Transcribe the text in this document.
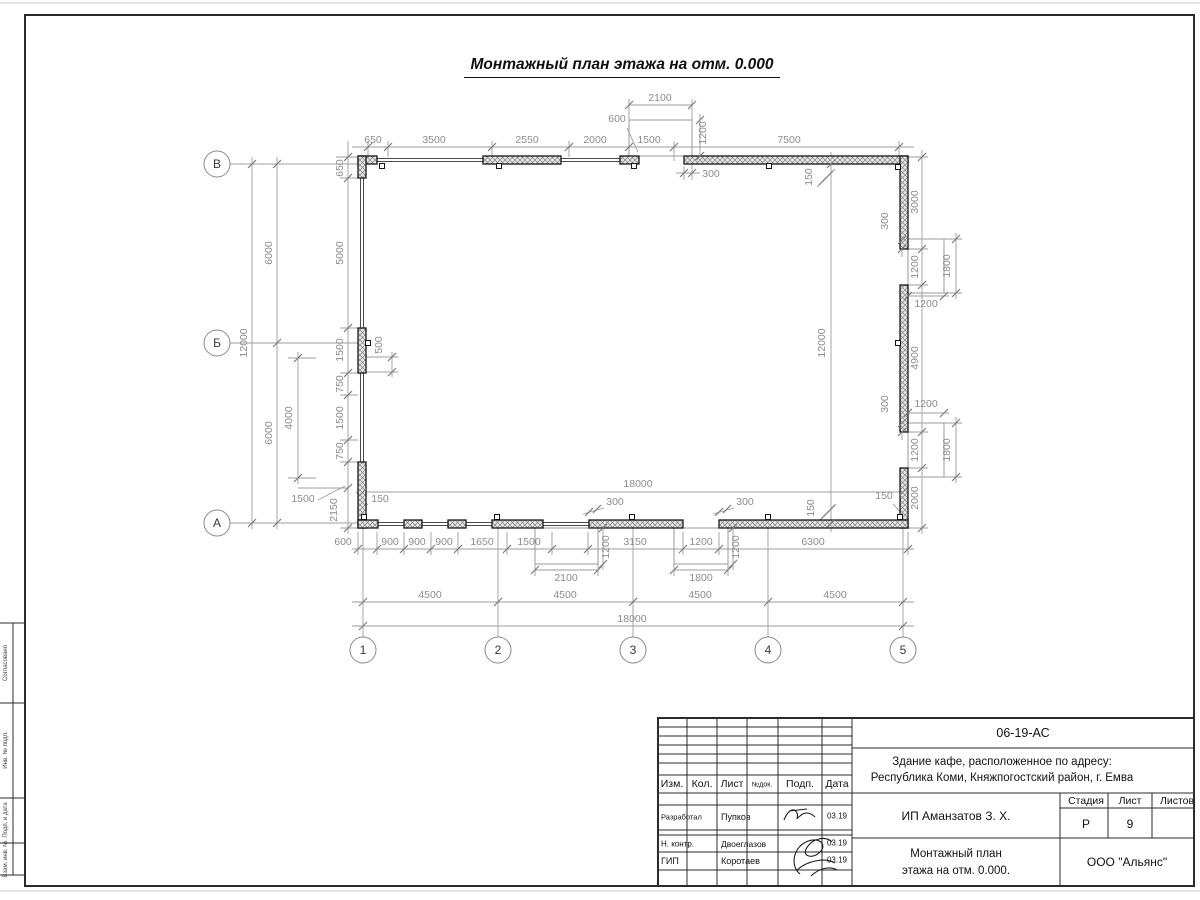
650	3500	2550	2000	1500	7500
2100
600
1200
300	150
650
5000
1500
750
1500
750
2150
6000
6000
12000
4000
500
1500	150
600	900 900 900 1650 1500	3150	1200	6300
1200	1200
300	300
2100	1800
4500	4500	4500	4500
18000
18000
12000
150
150
3000
1200
4900
1200
2000
1800
1800
1200
1200
300
300
В
Б
А
1	2	3	4	5
Монтажный план этажа на отм. 0.000
06-19-АС
Здание кафе, расположенное по адресу:
Республика Коми, Княжпогостский район, г. Емва
ИП Аманзатов З. Х.
Стадия Лист Листов
Р	9
Монтажный план
этажа на отм. 0.000.
ООО "Альянс"
Изм. Кол. Лист №док. Подп. Дата
Разработал Пупков	03.19
Н. контр.	Двоеглазов	03.19
ГИП	Коротаев	03.19
Согласовано
Инв. № подл.
Подп. и дата
Взам. инв. №
